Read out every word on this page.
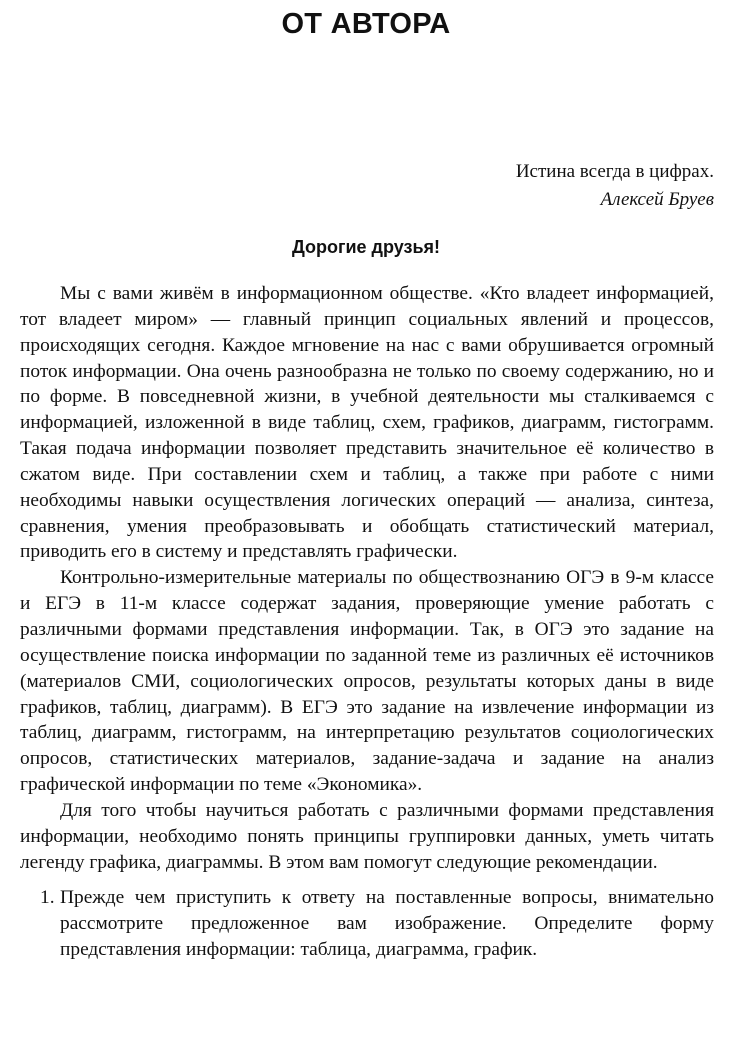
ОТ АВТОРА
Истина всегда в цифрах.
Алексей Бруев
Дорогие друзья!

Мы с вами живём в информационном обществе. «Кто владеет информацией, тот владеет миром» — главный принцип социальных явлений и процессов, происходящих сегодня. Каждое мгновение на нас с вами обрушивается огромный поток информации. Она очень разнообразна не только по своему содержанию, но и по форме. В повседневной жизни, в учебной деятельности мы сталкиваемся с информацией, изложенной в виде таблиц, схем, графиков, диаграмм, гистограмм. Такая подача информации позволяет представить значительное её количество в сжатом виде. При составлении схем и таблиц, а также при работе с ними необходимы навыки осуществления логических операций — анализа, синтеза, сравнения, умения преобразовывать и обобщать статистический материал, приводить его в систему и представлять графически.

Контрольно-измерительные материалы по обществознанию ОГЭ в 9-м классе и ЕГЭ в 11-м классе содержат задания, проверяющие умение работать с различными формами представления информации. Так, в ОГЭ это задание на осуществление поиска информации по заданной теме из различных её источников (материалов СМИ, социологических опросов, результаты которых даны в виде графиков, таблиц, диаграмм). В ЕГЭ это задание на извлечение информации из таблиц, диаграмм, гистограмм, на интерпретацию результатов социологических опросов, статистических материалов, задание-задача и задание на анализ графической информации по теме «Экономика».

Для того чтобы научиться работать с различными формами представления информации, необходимо понять принципы группировки данных, уметь читать легенду графика, диаграммы. В этом вам помогут следующие рекомендации.

1. Прежде чем приступить к ответу на поставленные вопросы, внимательно рассмотрите предложенное вам изображение. Определите форму представления информации: таблица, диаграмма, график.
